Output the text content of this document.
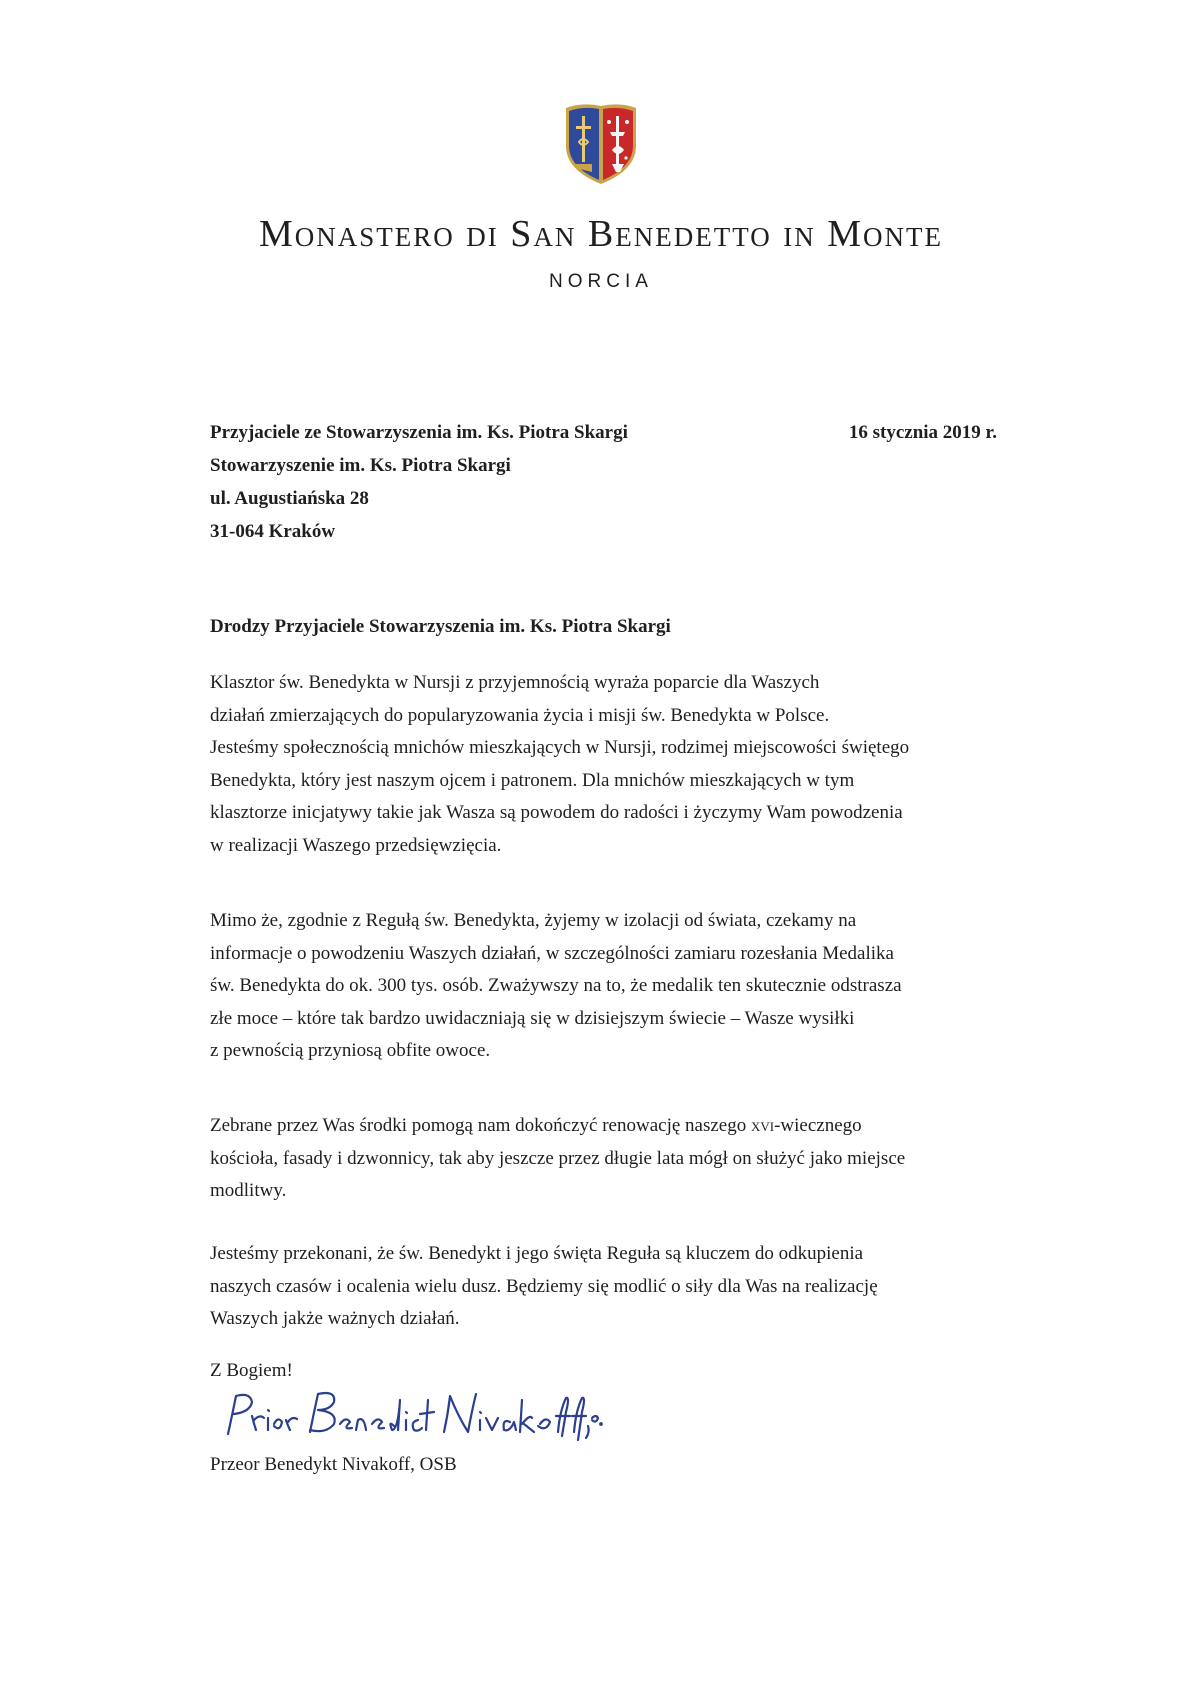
Monastero di San Benedetto in Monte
NORCIA
Przyjaciele ze Stowarzyszenia im. Ks. Piotra Skargi
Stowarzyszenie im. Ks. Piotra Skargi
ul. Augustiańska 28
31-064 Kraków
16 stycznia 2019 r.
Drodzy Przyjaciele Stowarzyszenia im. Ks. Piotra Skargi
Klasztor św. Benedykta w Nursji z przyjemnością wyraża poparcie dla Waszych
działań zmierzających do popularyzowania życia i misji św. Benedykta w Polsce.
Jesteśmy społecznością mnichów mieszkających w Nursji, rodzimej miejscowości świętego
Benedykta, który jest naszym ojcem i patronem. Dla mnichów mieszkających w tym
klasztorze inicjatywy takie jak Wasza są powodem do radości i życzymy Wam powodzenia
w realizacji Waszego przedsięwzięcia.
Mimo że, zgodnie z Regułą św. Benedykta, żyjemy w izolacji od świata, czekamy na
informacje o powodzeniu Waszych działań, w szczególności zamiaru rozesłania Medalika
św. Benedykta do ok. 300 tys. osób. Zważywszy na to, że medalik ten skutecznie odstrasza
złe moce – które tak bardzo uwidaczniają się w dzisiejszym świecie – Wasze wysiłki
z pewnością przyniosą obfite owoce.
Zebrane przez Was środki pomogą nam dokończyć renowację naszego xvi-wiecznego
kościoła, fasady i dzwonnicy, tak aby jeszcze przez długie lata mógł on służyć jako miejsce
modlitwy.
Jesteśmy przekonani, że św. Benedykt i jego święta Reguła są kluczem do odkupienia
naszych czasów i ocalenia wielu dusz. Będziemy się modlić o siły dla Was na realizację
Waszych jakże ważnych działań.
Z Bogiem!
Przeor Benedykt Nivakoff, OSB
